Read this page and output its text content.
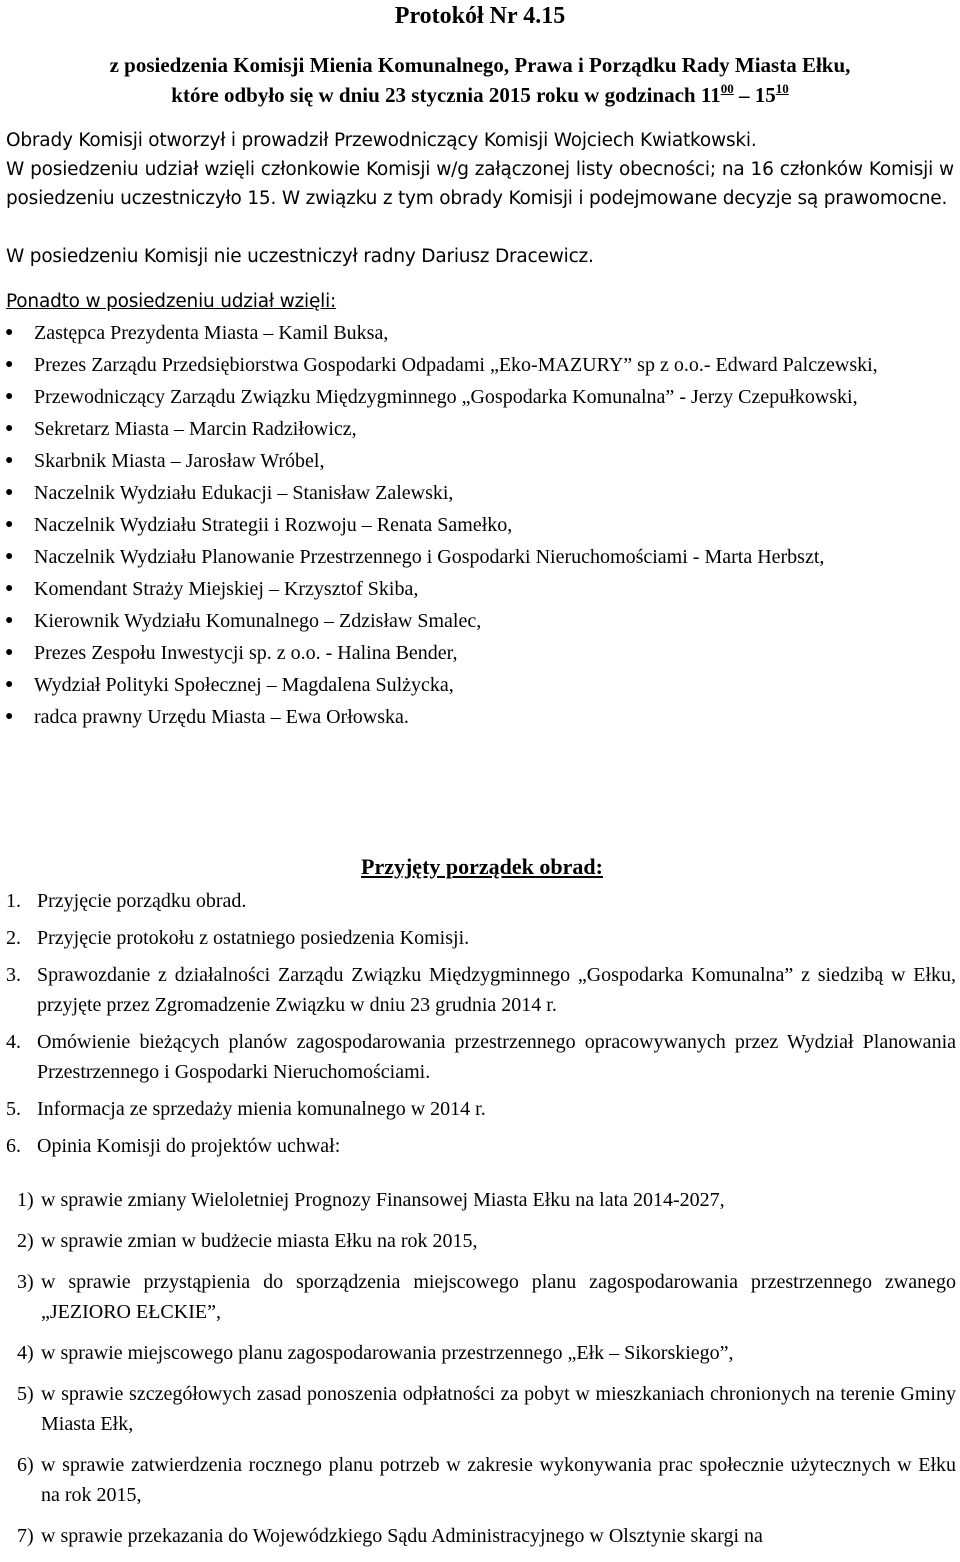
Protokół Nr 4.15
z posiedzenia Komisji Mienia Komunalnego, Prawa i Porządku Rady Miasta Ełku,
które odbyło się w dniu 23 stycznia 2015 roku w godzinach $11^{00} - 15^{10}$
Obrady Komisji otworzył i prowadził Przewodniczący Komisji Wojciech Kwiatkowski.
W posiedzeniu udział wzięli członkowie Komisji w/g załączonej listy obecności; na 16 członków Komisji w posiedzeniu uczestniczyło 15. W związku z tym obrady Komisji i podejmowane decyzje są prawomocne.
W posiedzeniu Komisji nie uczestniczył radny Dariusz Dracewicz.
Ponadto w posiedzeniu udział wzięli:
● Zastępca Prezydenta Miasta – Kamil Buksa,
● Prezes Zarządu Przedsiębiorstwa Gospodarki Odpadami „Eko-MAZURY” sp z o.o.- Edward Palczewski,
● Przewodniczący Zarządu Związku Międzygminnego „Gospodarka Komunalna” - Jerzy Czepułkowski,
● Sekretarz Miasta – Marcin Radziłowicz,
● Skarbnik Miasta – Jarosław Wróbel,
● Naczelnik Wydziału Edukacji – Stanisław Zalewski,
● Naczelnik Wydziału Strategii i Rozwoju – Renata Samełko,
● Naczelnik Wydziału Planowanie Przestrzennego i Gospodarki Nieruchomościami - Marta Herbszt,
● Komendant Straży Miejskiej – Krzysztof Skiba,
● Kierownik Wydziału Komunalnego – Zdzisław Smalec,
● Prezes Zespołu Inwestycji sp. z o.o. - Halina Bender,
● Wydział Polityki Społecznej – Magdalena Sulżycka,
● radca prawny Urzędu Miasta – Ewa Orłowska.
Przyjęty porządek obrad:
1. Przyjęcie porządku obrad.
2. Przyjęcie protokołu z ostatniego posiedzenia Komisji.
3. Sprawozdanie z działalności Zarządu Związku Międzygminnego „Gospodarka Komunalna” z siedzibą w Ełku, przyjęte przez Zgromadzenie Związku w dniu 23 grudnia 2014 r.
4. Omówienie bieżących planów zagospodarowania przestrzennego opracowywanych przez Wydział Planowania Przestrzennego i Gospodarki Nieruchomościami.
5. Informacja ze sprzedaży mienia komunalnego w 2014 r.
6. Opinia Komisji do projektów uchwał:
1) w sprawie zmiany Wieloletniej Prognozy Finansowej Miasta Ełku na lata 2014-2027,
2) w sprawie zmian w budżecie miasta Ełku na rok 2015,
3) w sprawie przystąpienia do sporządzenia miejscowego planu zagospodarowania przestrzennego zwanego „JEZIORO EŁCKIE”,
4) w sprawie miejscowego planu zagospodarowania przestrzennego „Ełk – Sikorskiego”,
5) w sprawie szczegółowych zasad ponoszenia odpłatności za pobyt w mieszkaniach chronionych na terenie Gminy Miasta Ełk,
6) w sprawie zatwierdzenia rocznego planu potrzeb w zakresie wykonywania prac społecznie użytecznych w Ełku na rok 2015,
7) w sprawie przekazania do Wojewódzkiego Sądu Administracyjnego w Olsztynie skargi na
